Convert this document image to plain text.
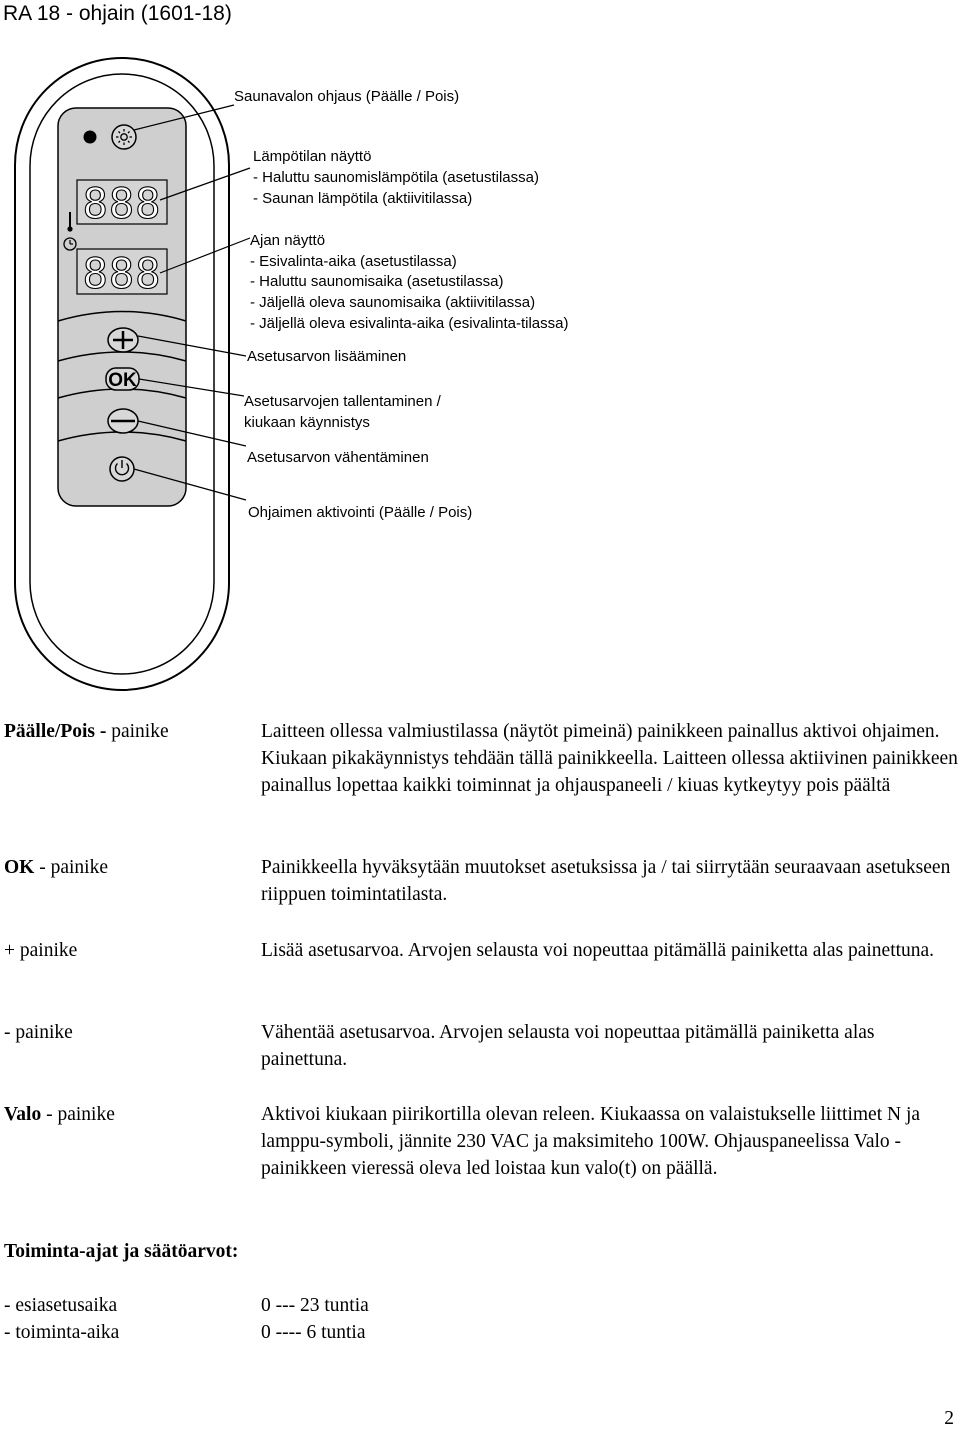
RA 18 - ohjain (1601-18)
888
888
OK
Saunavalon ohjaus (Päälle / Pois)
Lämpötilan näyttö
- Haluttu saunomislämpötila (asetustilassa)
- Saunan lämpötila (aktiivitilassa)
Ajan näyttö
- Esivalinta-aika (asetustilassa)
- Haluttu saunomisaika (asetustilassa)
- Jäljellä oleva saunomisaika (aktiivitilassa)
- Jäljellä oleva esivalinta-aika (esivalinta-tilassa)
Asetusarvon lisääminen
Asetusarvojen tallentaminen /
kiukaan käynnistys
Asetusarvon vähentäminen
Ohjaimen aktivointi (Päälle / Pois)
Päälle/Pois - painike	Laitteen ollessa valmiustilassa (näytöt pimeinä) painikkeen painallus aktivoi ohjaimen. Kiukaan pikakäynnistys tehdään tällä painikkeella. Laitteen ollessa aktiivinen painikkeen painallus lopettaa kaikki toiminnat ja ohjauspaneeli / kiuas kytkeytyy pois päältä
OK - painike	Painikkeella hyväksytään muutokset asetuksissa ja / tai siirrytään seuraavaan asetukseen riippuen toimintatilasta.
+ painike	Lisää asetusarvoa. Arvojen selausta voi nopeuttaa pitämällä painiketta alas painettuna.
- painike	Vähentää asetusarvoa. Arvojen selausta voi nopeuttaa pitämällä painiketta alas painettuna.
Valo - painike	Aktivoi kiukaan piirikortilla olevan releen. Kiukaassa on valaistukselle liittimet N ja lamppu-symboli, jännite 230 VAC ja maksimiteho 100W. Ohjauspaneelissa Valo - painikkeen vieressä oleva led loistaa kun valo(t) on päällä.
Toiminta-ajat ja säätöarvot:
- esiasetusaika	0 --- 23 tuntia
- toiminta-aika	0 ---- 6 tuntia
2
